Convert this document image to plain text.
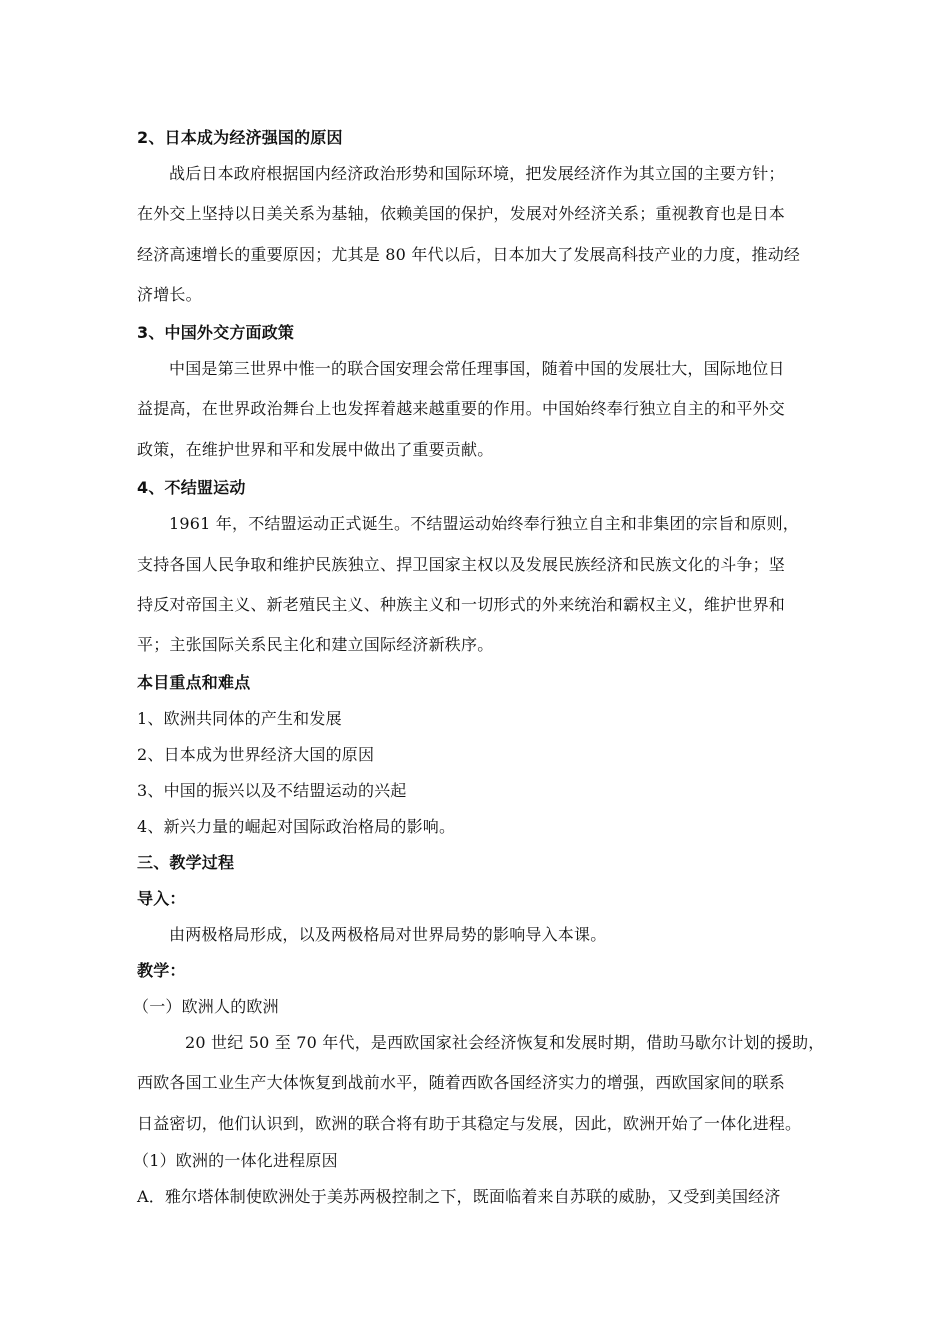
2、日本成为经济强国的原因
战后日本政府根据国内经济政治形势和国际环境，把发展经济作为其立国的主要方针；
在外交上坚持以日美关系为基轴，依赖美国的保护，发展对外经济关系；重视教育也是日本
经济高速增长的重要原因；尤其是 80 年代以后，日本加大了发展高科技产业的力度，推动经
济增长。
3、中国外交方面政策
中国是第三世界中惟一的联合国安理会常任理事国，随着中国的发展壮大，国际地位日
益提高，在世界政治舞台上也发挥着越来越重要的作用。中国始终奉行独立自主的和平外交
政策，在维护世界和平和发展中做出了重要贡献。
4、不结盟运动
1961 年，不结盟运动正式诞生。不结盟运动始终奉行独立自主和非集团的宗旨和原则，
支持各国人民争取和维护民族独立、捍卫国家主权以及发展民族经济和民族文化的斗争；坚
持反对帝国主义、新老殖民主义、种族主义和一切形式的外来统治和霸权主义，维护世界和
平；主张国际关系民主化和建立国际经济新秩序。
本目重点和难点
1、欧洲共同体的产生和发展
2、日本成为世界经济大国的原因
3、中国的振兴以及不结盟运动的兴起
4、新兴力量的崛起对国际政治格局的影响。
三、教学过程
导入：
由两极格局形成，以及两极格局对世界局势的影响导入本课。
教学：
（一）欧洲人的欧洲
20 世纪 50 至 70 年代，是西欧国家社会经济恢复和发展时期，借助马歇尔计划的援助，
西欧各国工业生产大体恢复到战前水平，随着西欧各国经济实力的增强，西欧国家间的联系
日益密切，他们认识到，欧洲的联合将有助于其稳定与发展，因此，欧洲开始了一体化进程。
（1）欧洲的一体化进程原因
A．雅尔塔体制使欧洲处于美苏两极控制之下，既面临着来自苏联的威胁，又受到美国经济
